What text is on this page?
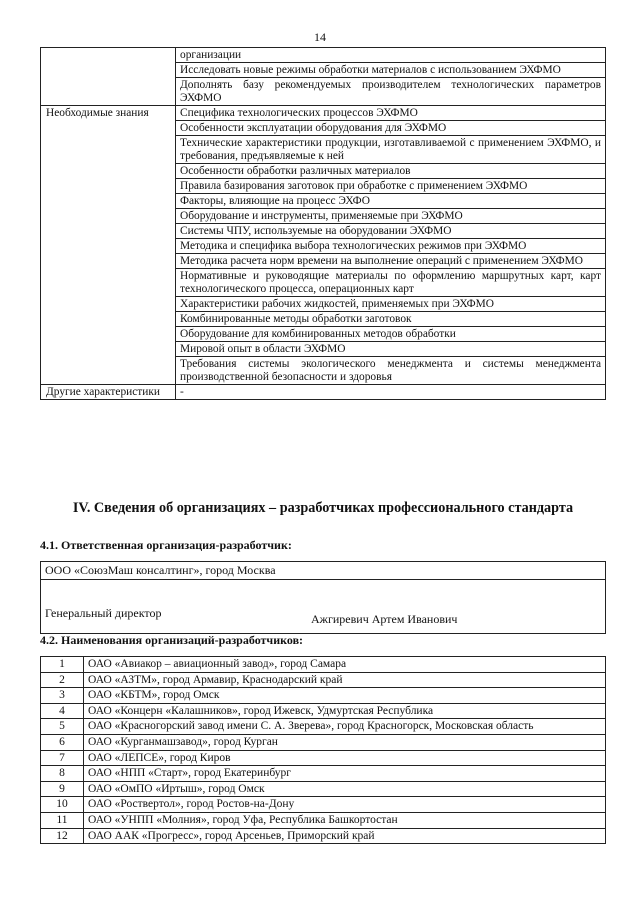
14
	организации
	Исследовать новые режимы обработки материалов с использованием ЭХФМО
	Дополнять базу рекомендуемых производителем технологических параметров ЭХФМО
Необходимые знания	Специфика технологических процессов ЭХФМО
	Особенности эксплуатации оборудования для ЭХФМО
	Технические характеристики продукции, изготавливаемой с применением ЭХФМО, и требования, предъявляемые к ней
	Особенности обработки различных материалов
	Правила базирования заготовок при обработке с применением ЭХФМО
	Факторы, влияющие на процесс ЭХФО
	Оборудование и инструменты, применяемые при ЭХФМО
	Системы ЧПУ, используемые на оборудовании ЭХФМО
	Методика и специфика выбора технологических режимов при ЭХФМО
	Методика расчета норм времени на выполнение операций с применением ЭХФМО
	Нормативные и руководящие материалы по оформлению маршрутных карт, карт технологического процесса, операционных карт
	Характеристики рабочих жидкостей, применяемых при ЭХФМО
	Комбинированные методы обработки заготовок
	Оборудование для комбинированных методов обработки
	Мировой опыт в области ЭХФМО
	Требования системы экологического менеджмента и системы менеджмента производственной безопасности и здоровья
Другие характеристики	-
IV. Сведения об организациях – разработчиках профессионального стандарта
4.1. Ответственная организация-разработчик:
ООО «СоюзМаш консалтинг», город Москва

Генеральный директор	Ажгиревич Артем Иванович
4.2. Наименования организаций-разработчиков:
1	ОАО «Авиакор – авиационный завод», город Самара
2	ОАО «АЗТМ», город Армавир, Краснодарский край
3	ОАО «КБТМ», город Омск
4	ОАО «Концерн «Калашников», город Ижевск, Удмуртская Республика
5	ОАО «Красногорский завод имени С. А. Зверева», город Красногорск, Московская область
6	ОАО «Курганмашзавод», город Курган
7	ОАО «ЛЕПСЕ», город Киров
8	ОАО «НПП «Старт», город Екатеринбург
9	ОАО «ОмПО «Иртыш», город Омск
10	ОАО «Роствертол», город Ростов-на-Дону
11	ОАО «УНПП «Молния», город Уфа, Республика Башкортостан
12	ОАО ААК «Прогресс», город Арсеньев, Приморский край
